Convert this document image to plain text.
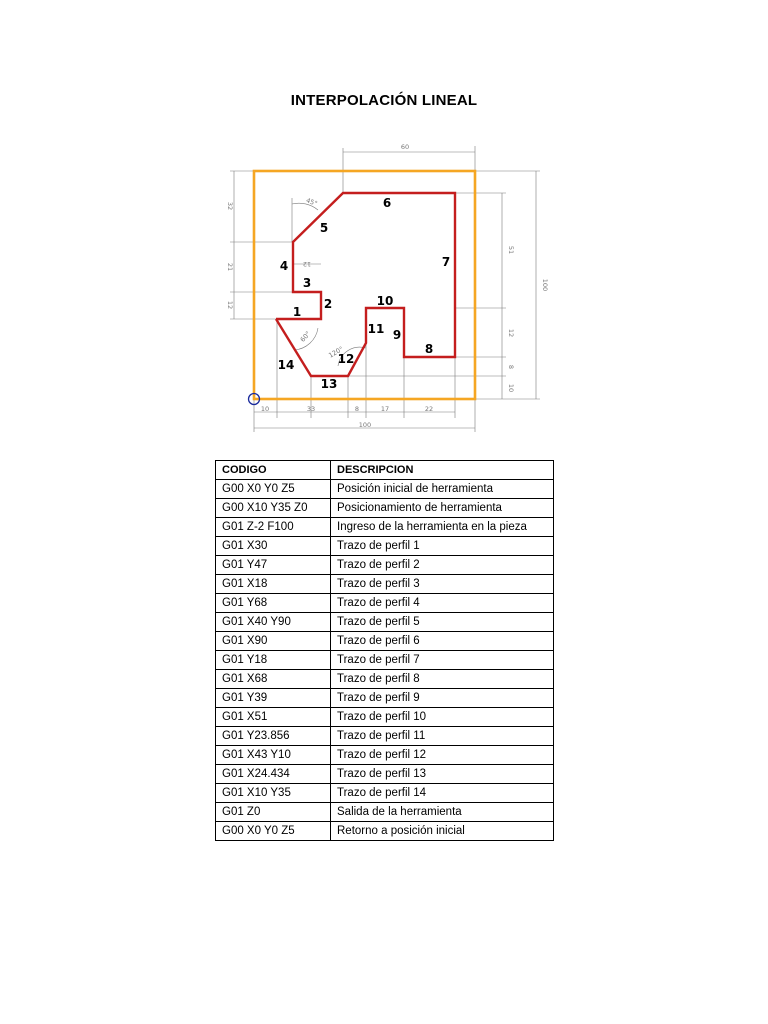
INTERPOLACIÓN LINEAL
60
100
51
12
8
10
32
21
12
12
10	33	8	17	22
100
45°
60°
120°
1
2
3
4
5
6
7
8
9
10
11
12
13
14
CODIGO	DESCRIPCION
G00 X0 Y0 Z5	Posición inicial de herramienta
G00 X10 Y35 Z0	Posicionamiento de herramienta
G01 Z-2 F100	Ingreso de la herramienta en la pieza
G01 X30	Trazo de perfil 1
G01 Y47	Trazo de perfil 2
G01 X18	Trazo de perfil 3
G01 Y68	Trazo de perfil 4
G01 X40 Y90	Trazo de perfil 5
G01 X90	Trazo de perfil 6
G01 Y18	Trazo de perfil 7
G01 X68	Trazo de perfil 8
G01 Y39	Trazo de perfil 9
G01 X51	Trazo de perfil 10
G01 Y23.856	Trazo de perfil 11
G01 X43 Y10	Trazo de perfil 12
G01 X24.434	Trazo de perfil 13
G01 X10 Y35	Trazo de perfil 14
G01 Z0	Salida de la herramienta
G00 X0 Y0 Z5	Retorno a posición inicial
